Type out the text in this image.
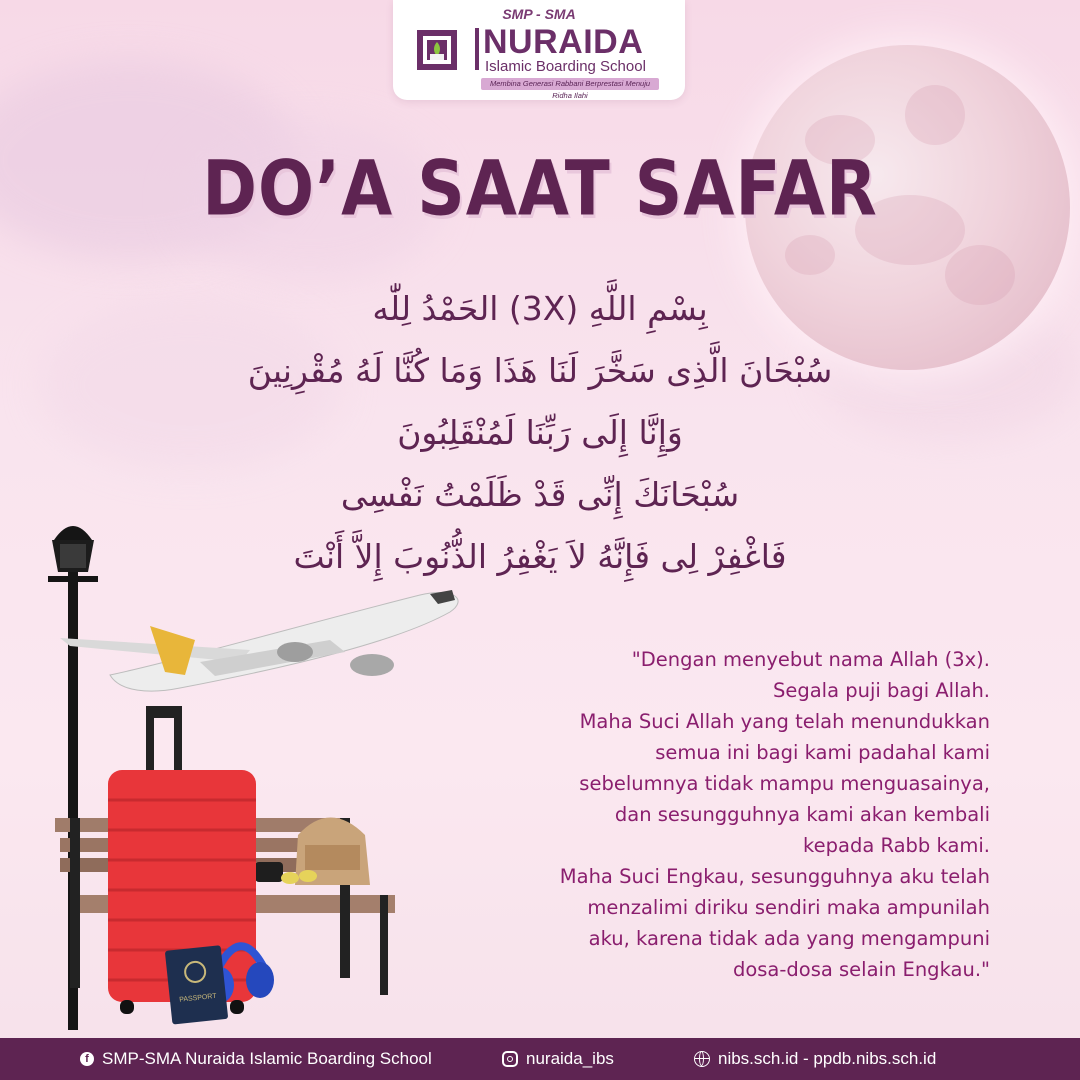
SMP - SMA
NURAIDA
Islamic Boarding School
Membina Generasi Rabbani Berprestasi Menuju Ridha Ilahi
DO’A SAAT SAFAR
بِسْمِ اللَّهِ (3X) الحَمْدُ لِلّٰه
سُبْحَانَ الَّذِى سَخَّرَ لَنَا هَذَا وَمَا كُنَّا لَهُ مُقْرِنِينَ
وَإِنَّا إِلَى رَبِّنَا لَمُنْقَلِبُونَ
سُبْحَانَكَ إِنِّى قَدْ ظَلَمْتُ نَفْسِى
فَاغْفِرْ لِى فَإِنَّهُ لاَ يَغْفِرُ الذُّنُوبَ إِلاَّ أَنْتَ
PASSPORT
"Dengan menyebut nama Allah (3x).
Segala puji bagi Allah.
Maha Suci Allah yang telah menundukkan
semua ini bagi kami padahal kami
sebelumnya tidak mampu menguasainya,
dan sesungguhnya kami akan kembali
kepada Rabb kami.
Maha Suci Engkau, sesungguhnya aku telah
menzalimi diriku sendiri maka ampunilah
aku, karena tidak ada yang mengampuni
dosa-dosa selain Engkau."
f SMP-SMA Nuraida Islamic Boarding School	nuraida_ibs	nibs.sch.id - ppdb.nibs.sch.id
